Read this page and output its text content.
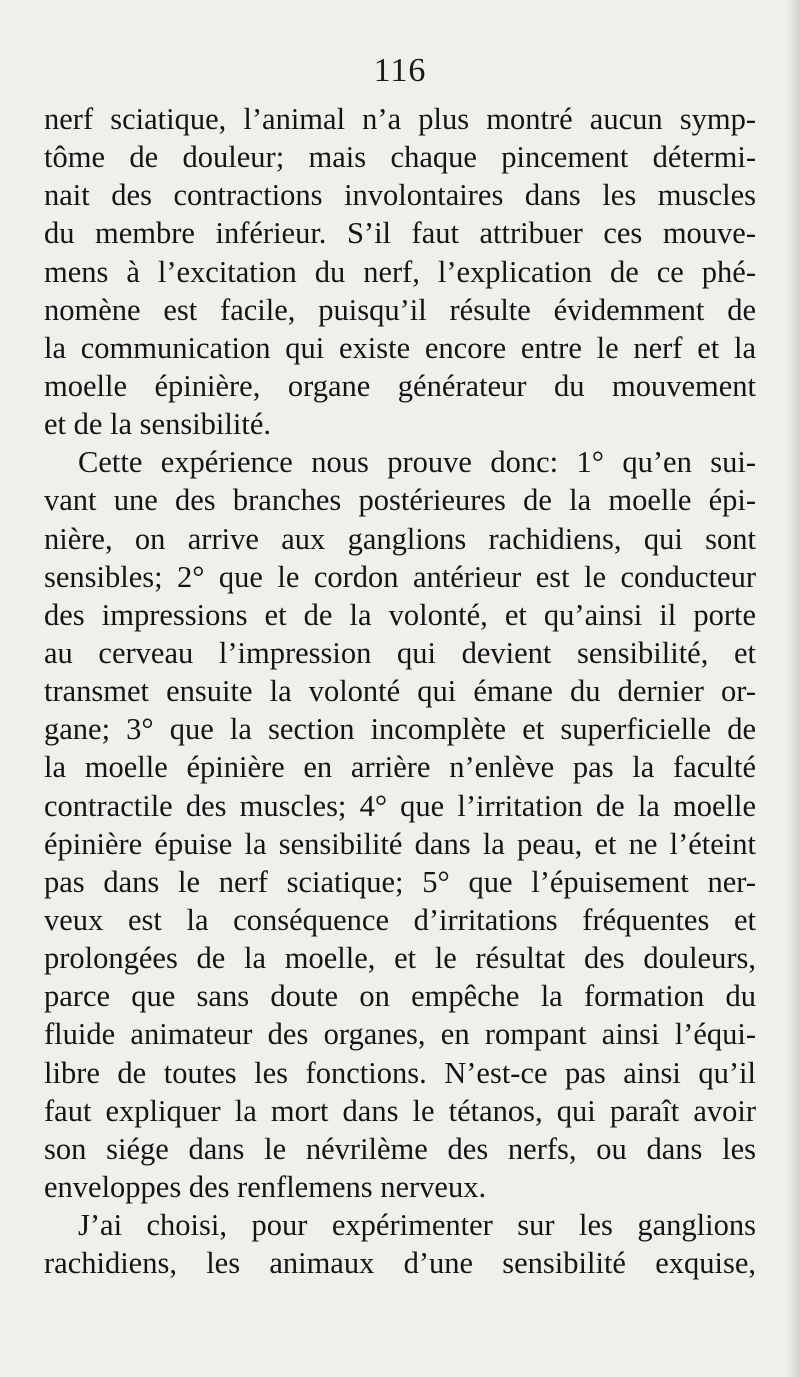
116
nerf sciatique, l’animal n’a plus montré aucun symp-
tôme de douleur; mais chaque pincement détermi-
nait des contractions involontaires dans les muscles
du membre inférieur. S’il faut attribuer ces mouve-
mens à l’excitation du nerf, l’explication de ce phé-
nomène est facile, puisqu’il résulte évidemment de
la communication qui existe encore entre le nerf et la
moelle épinière, organe générateur du mouvement
et de la sensibilité.
Cette expérience nous prouve donc: 1° qu’en sui-
vant une des branches postérieures de la moelle épi-
nière, on arrive aux ganglions rachidiens, qui sont
sensibles; 2° que le cordon antérieur est le conducteur
des impressions et de la volonté, et qu’ainsi il porte
au cerveau l’impression qui devient sensibilité, et
transmet ensuite la volonté qui émane du dernier or-
gane; 3° que la section incomplète et superficielle de
la moelle épinière en arrière n’enlève pas la faculté
contractile des muscles; 4° que l’irritation de la moelle
épinière épuise la sensibilité dans la peau, et ne l’éteint
pas dans le nerf sciatique; 5° que l’épuisement ner-
veux est la conséquence d’irritations fréquentes et
prolongées de la moelle, et le résultat des douleurs,
parce que sans doute on empêche la formation du
fluide animateur des organes, en rompant ainsi l’équi-
libre de toutes les fonctions. N’est-ce pas ainsi qu’il
faut expliquer la mort dans le tétanos, qui paraît avoir
son siége dans le névrilème des nerfs, ou dans les
enveloppes des renflemens nerveux.
J’ai choisi, pour expérimenter sur les ganglions
rachidiens, les animaux d’une sensibilité exquise,
